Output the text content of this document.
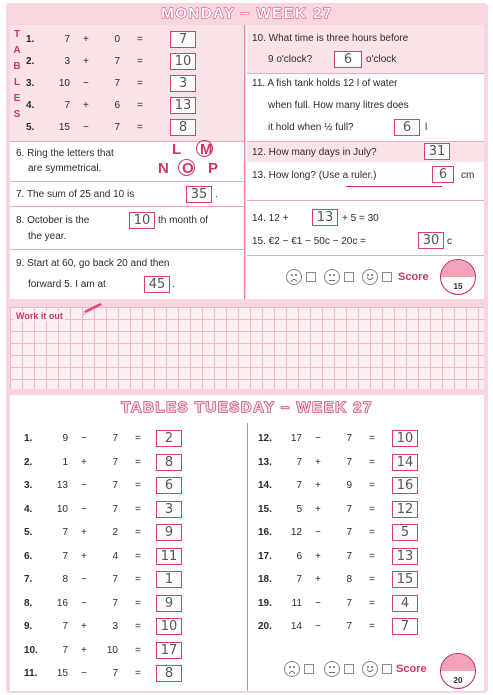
MONDAY – WEEK 27
T
A
B
L
E
S
1.	7 +	0 =	7
2.	3 +	7 =	10
3. 10 −	7 =	3
4.	7 +	6 =	13
5. 15 −	7 =	8
6. Ring the letters that
are symmetrical.
L M
N O P
7. The sum of 25 and 10 is	35 .
8. October is the	10 th month of
the year.
9. Start at 60, go back 20 and then
forward 5. I am at	45 .
10. What time is three hours before
9 o'clock?	6	o'clock
11. A fish tank holds 12 l of water
when full. How many litres does
it hold when ½ full?	6	l
12. How many days in July?	31
13. How long? (Use a ruler.)	6	cm
14. 12 +	13 + 5 = 30
15. €2 − €1 − 50c − 20c =	30 c
Score
15
Work it out
TABLES TUESDAY – WEEK 27
1.	9 −	7 =	2
2.	1 +	7 =	8
3. 13 −	7 =	6
4. 10 −	7 =	3
5.	7 +	2 =	9
6.	7 +	4 =	11
7.	8 −	7 =	1
8. 16 −	7 =	9
9.	7 +	3 =	10
10.	7 + 10 =	17
11. 15 −	7 =	8
12. 17 −	7 =	10
13.	7 +	7 =	14
14.	7 +	9 =	16
15.	5 +	7 =	12
16. 12 −	7 =	5
17.	6 +	7 =	13
18.	7 +	8 =	15
19.	11 −	7 =	4
20. 14 −	7 =	7
Score
20
